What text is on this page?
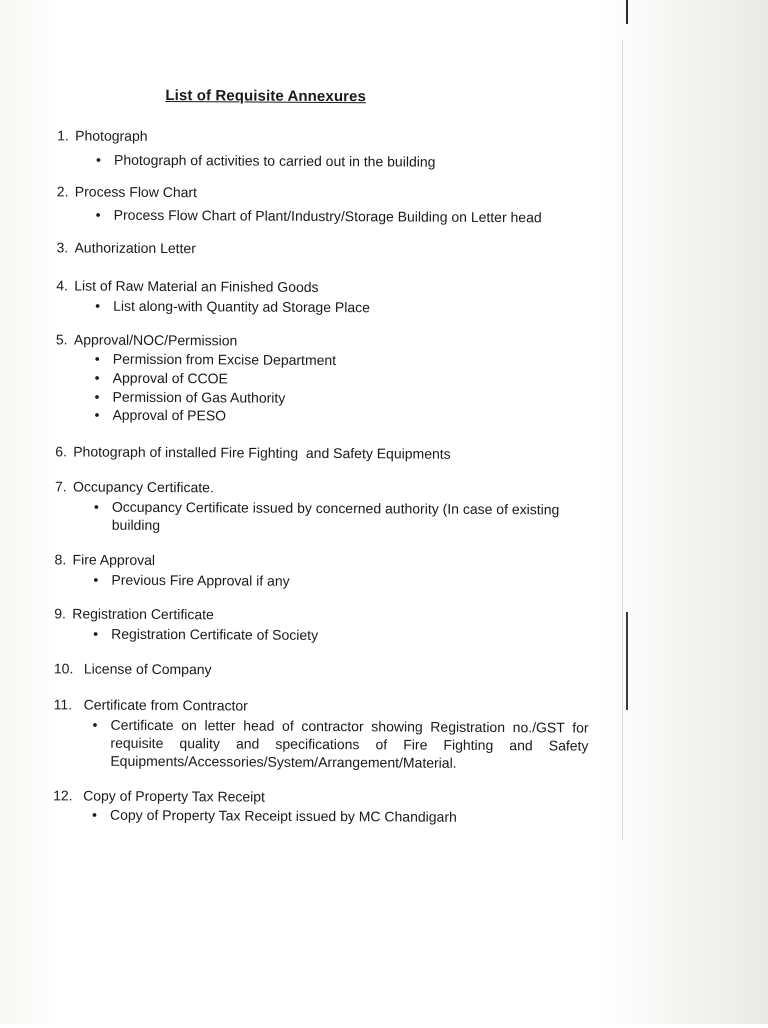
List of Requisite Annexures
1. Photograph
• Photograph of activities to carried out in the building
2. Process Flow Chart
• Process Flow Chart of Plant/Industry/Storage Building on Letter head
3. Authorization Letter
4. List of Raw Material an Finished Goods
• List along-with Quantity ad Storage Place
5. Approval/NOC/Permission
• Permission from Excise Department
• Approval of CCOE
• Permission of Gas Authority
• Approval of PESO
6. Photograph of installed Fire Fighting  and Safety Equipments
7. Occupancy Certificate.
• Occupancy Certificate issued by concerned authority (In case of existing building
8. Fire Approval
• Previous Fire Approval if any
9. Registration Certificate
• Registration Certificate of Society
10. License of Company
11. Certificate from Contractor
• Certificate on letter head of contractor showing Registration no./GST for requisite quality and specifications of Fire Fighting and Safety Equipments/Accessories/System/Arrangement/Material.
12. Copy of Property Tax Receipt
• Copy of Property Tax Receipt issued by MC Chandigarh
